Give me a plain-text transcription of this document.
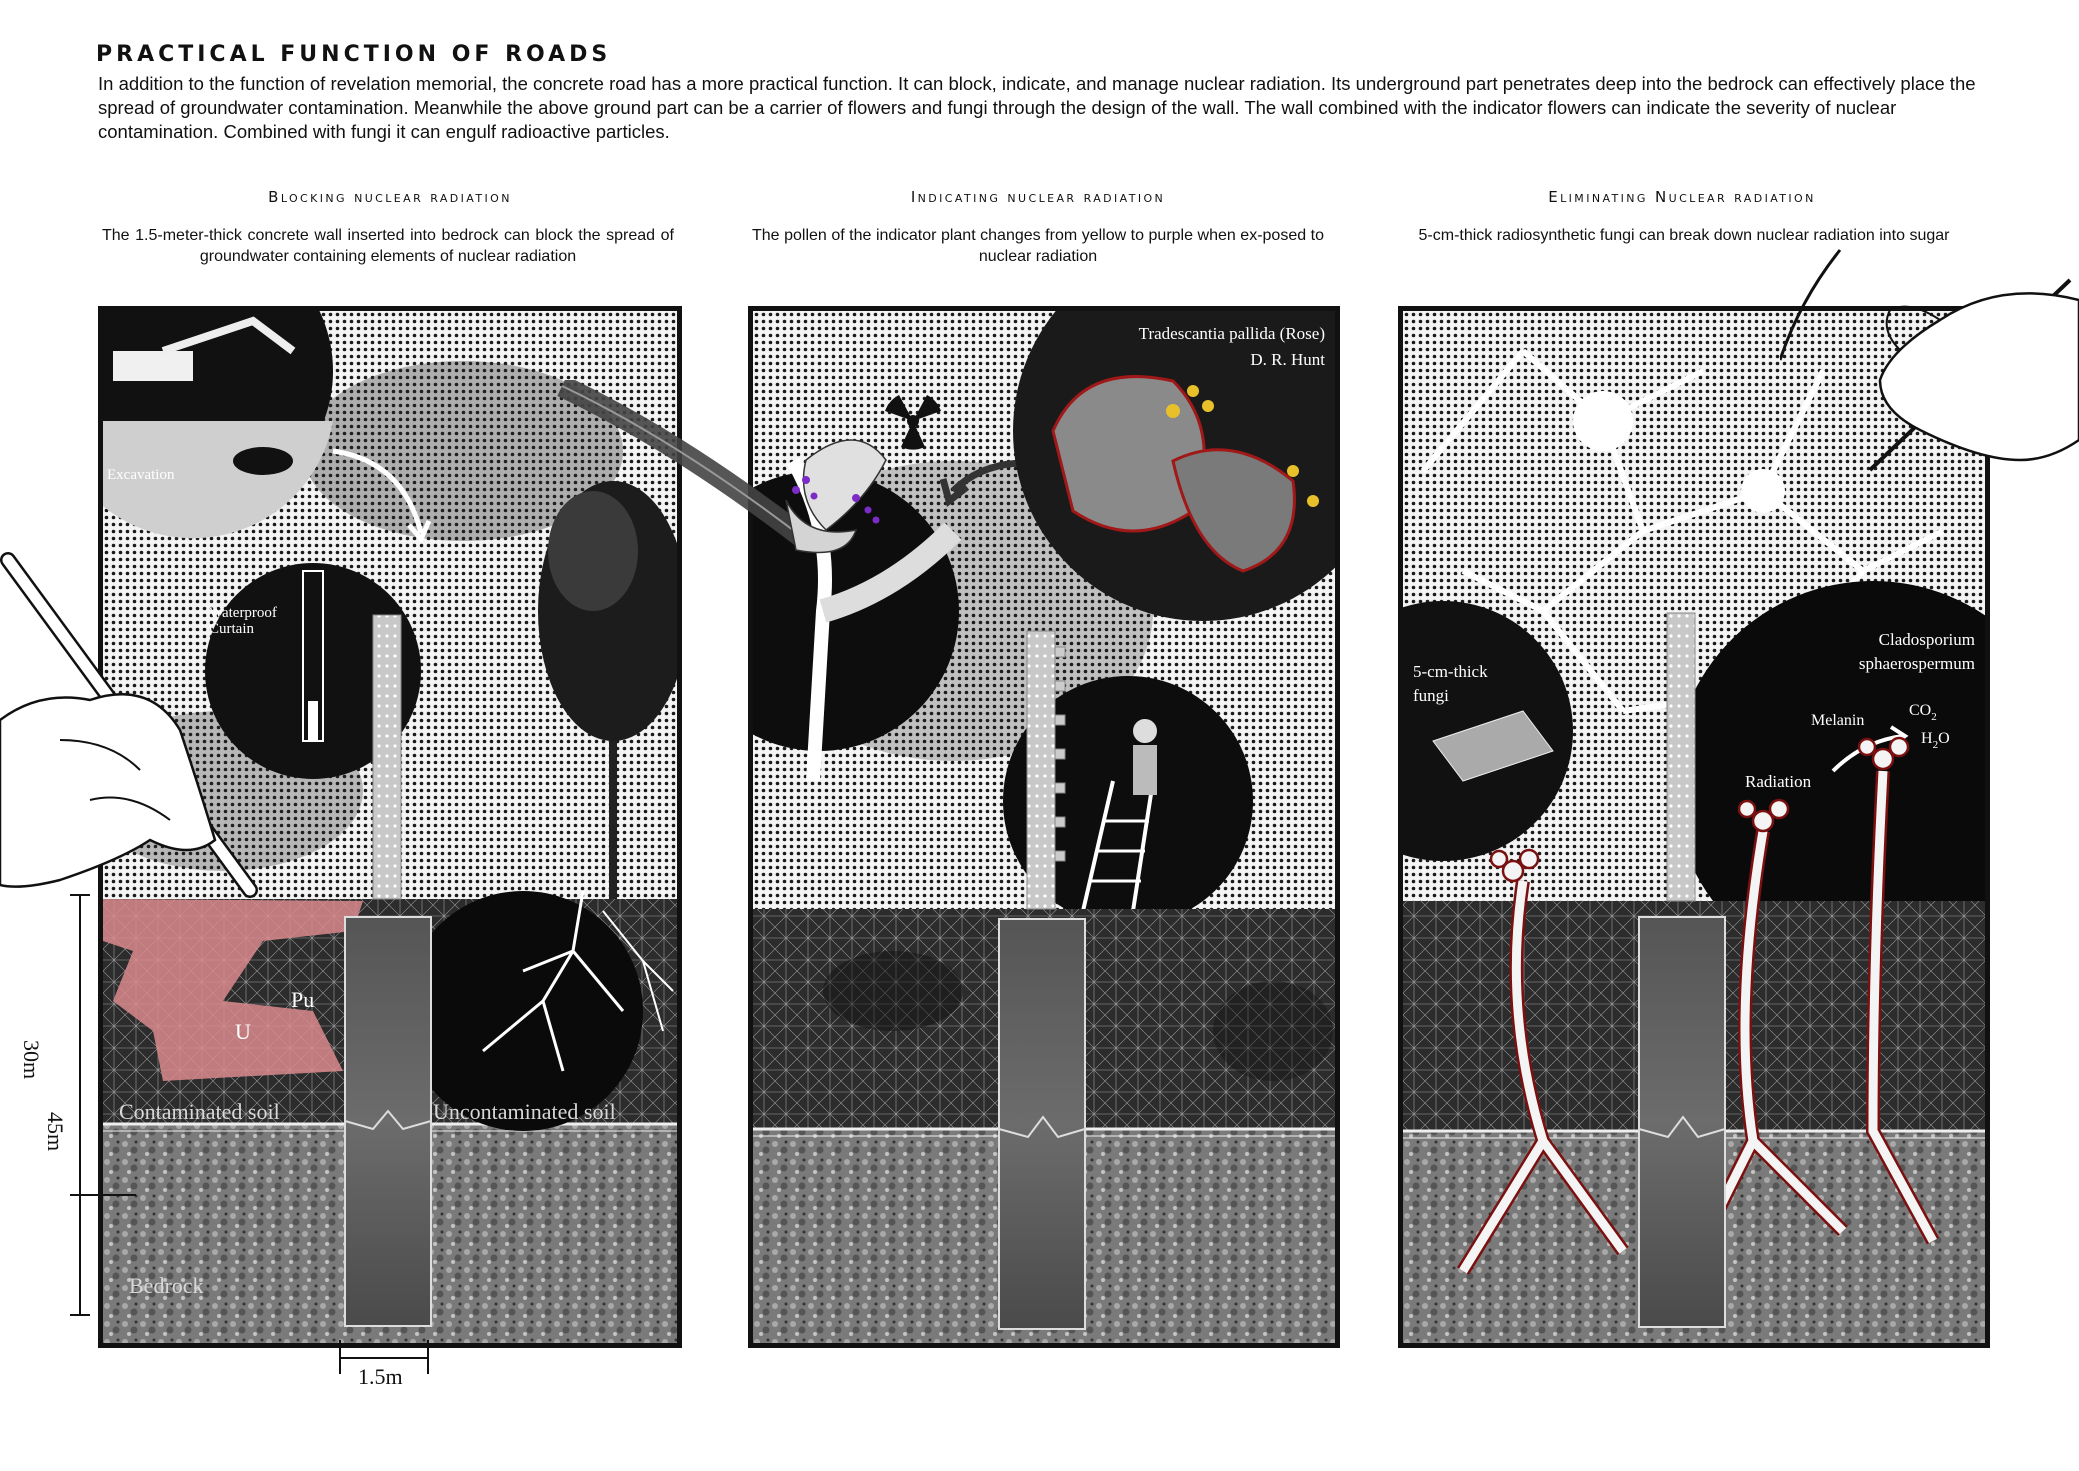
PRACTICAL FUNCTION OF ROADS

In addition to the function of revelation memorial, the concrete road has a more practical function. It can block, indicate, and manage nuclear radiation. Its underground part penetrates deep into the bedrock can effectively place the spread of groundwater contamination. Meanwhile the above ground part can be a carrier of flowers and fungi through the design of the wall. The wall combined with the indicator flowers can indicate the severity of nuclear contamination. Combined with fungi it can engulf radioactive particles.

Blocking nuclear radiation

The 1.5-meter-thick concrete wall inserted into bedrock can block the spread of groundwater containing elements of nuclear radiation

Indicating nuclear radiation

The pollen of the indicator plant changes from yellow to purple when ex-posed to nuclear radiation

Eliminating Nuclear radiation

5-cm-thick radiosynthetic fungi can break down nuclear radiation into sugar

Excavation
Waterproof
Curtain
Pu
U
Contaminated soil	Uncontaminated soil
Bedrock
30m
45m
1.5m
Tradescantia pallida (Rose)
D. R. Hunt
5-cm-thick
fungi
Cladosporium
sphaerospermum
Melanin
$CO_2$
$H_2O$
Radiation
